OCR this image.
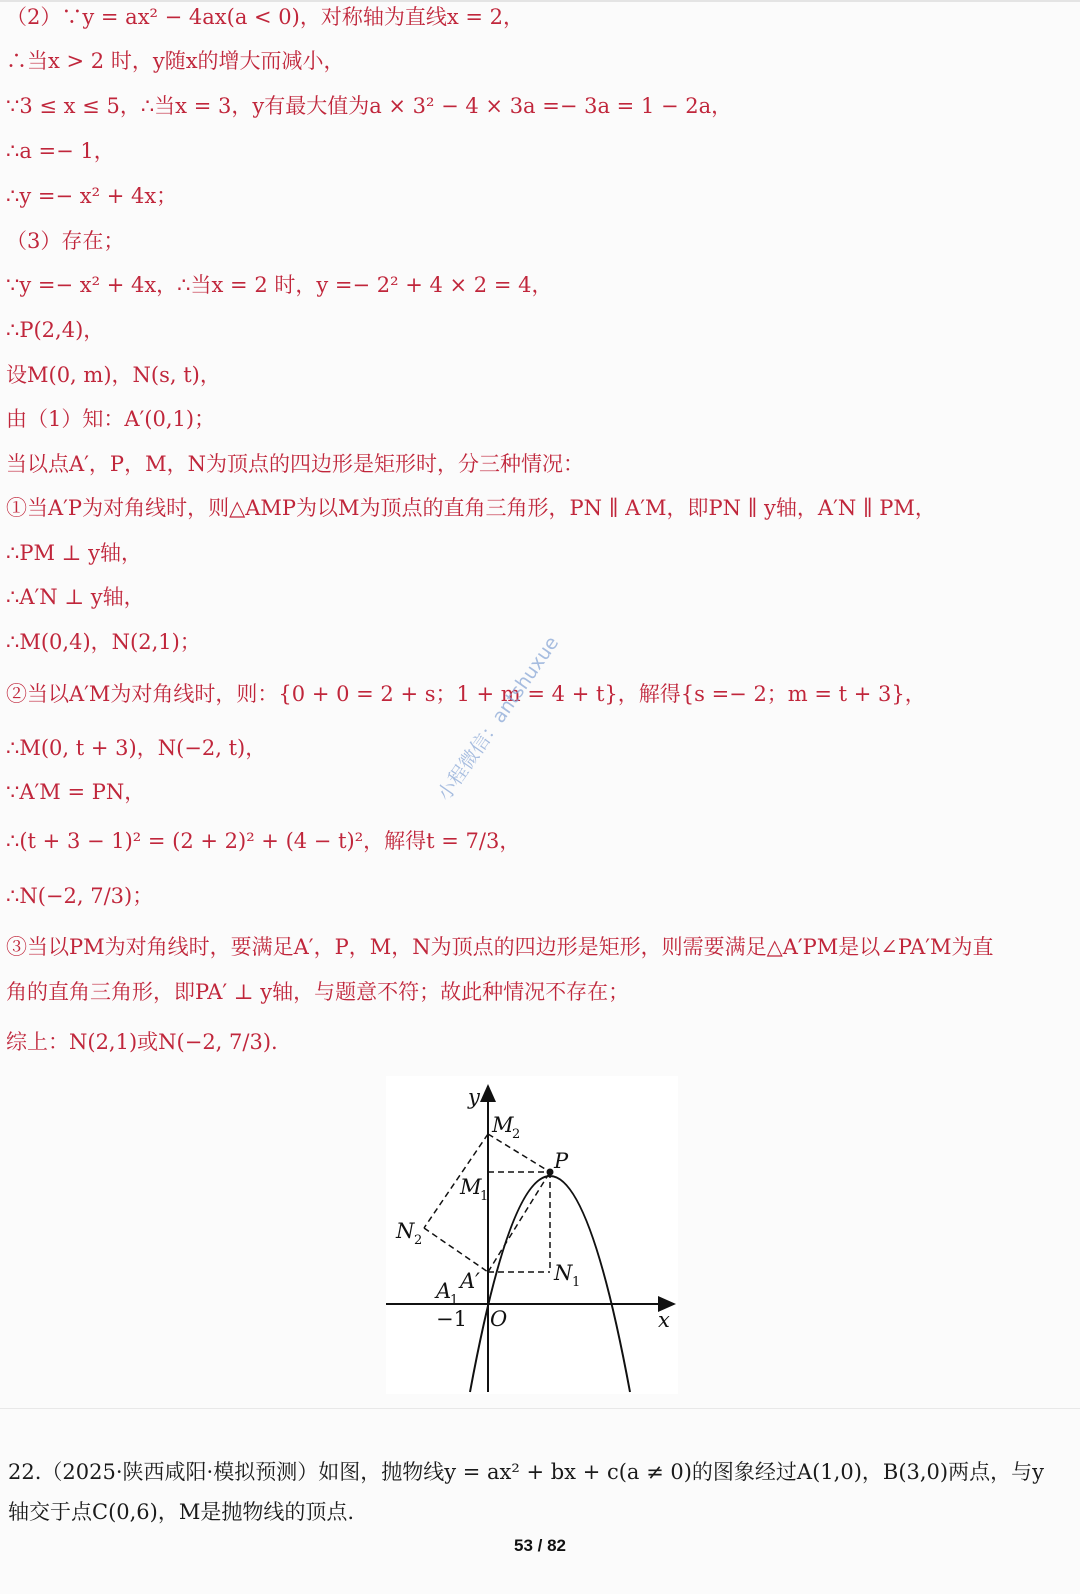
（2）∵y = ax² − 4ax(a < 0)，对称轴为直线x = 2，
∴当x > 2 时，y随x的增大而减小，
∵3 ≤ x ≤ 5，∴当x = 3，y有最大值为a × 3² − 4 × 3a =− 3a = 1 − 2a，
∴a =− 1，
∴y =− x² + 4x；
（3）存在；
∵y =− x² + 4x，∴当x = 2 时，y =− 2² + 4 × 2 = 4，
∴P(2,4)，
设M(0, m)，N(s, t)，
由（1）知：A′(0,1)；
当以点A′，P，M，N为顶点的四边形是矩形时，分三种情况：
①当A′P为对角线时，则△AMP为以M为顶点的直角三角形，PN ∥ A′M，即PN ∥ y轴，A′N ∥ PM，
∴PM ⊥ y轴，
∴A′N ⊥ y轴，
∴M(0,4)，N(2,1)；
②当以A′M为对角线时，则：{0 + 0 = 2 + s；1 + m = 4 + t}，解得{s =− 2；m = t + 3}，
∴M(0, t + 3)，N(−2, t)，
∵A′M = PN，
∴(t + 3 − 1)² = (2 + 2)² + (4 − t)²，解得t = 7/3，
∴N(−2, 7/3)；
③当以PM为对角线时，要满足A′，P，M，N为顶点的四边形是矩形，则需要满足△A′PM是以∠PA′M为直
角的直角三角形，即PA′ ⊥ y轴，与题意不符；故此种情况不存在；
综上：N(2,1)或N(−2, 7/3).
小程微信：antshuxue
y
x
M
2
P
M
1
N 2
N 1
A
1
A′
O
−1
22.（2025·陕西咸阳·模拟预测）如图，抛物线y = ax² + bx + c(a ≠ 0)的图象经过A(1,0)，B(3,0)两点，与y
轴交于点C(0,6)，M是抛物线的顶点.
53 / 82
